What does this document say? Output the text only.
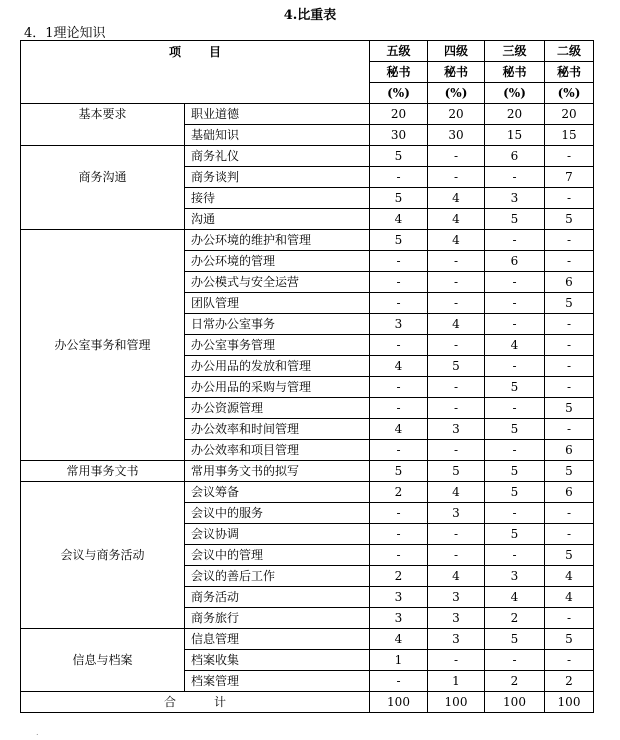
4.比重表
4．1理论知识
项 目		五级	四级	三级	二级
		秘书	秘书	秘书	秘书
		(%)	(%)	(%)	(%)
基本要求	职业道德	20	20	20	20
	基础知识	30	30	15	15
商务沟通	商务礼仪	5	-	6	-
	商务谈判	-	-	-	7
	接待	5	4	3	-
	沟通	4	4	5	5
办公室事务和管理	办公环境的维护和管理	5	4	-	-
	办公环境的管理	-	-	6	-
	办公模式与安全运营	-	-	-	6
	团队管理	-	-	-	5
	日常办公室事务	3	4	-	-
	办公室事务管理	-	-	4	-
	办公用品的发放和管理	4	5	-	-
	办公用品的采购与管理	-	-	5	-
	办公资源管理	-	-	-	5
	办公效率和时间管理	4	3	5	-
	办公效率和项目管理	-	-	-	6
常用事务文书	常用事务文书的拟写	5	5	5	5
会议与商务活动	会议筹备	2	4	5	6
	会议中的服务	-	3	-	-
	会议协调	-	-	5	-
	会议中的管理	-	-	-	5
	会议的善后工作	2	4	3	4
	商务活动	3	3	4	4
	商务旅行	3	3	2	-
信息与档案	信息管理	4	3	5	5
	档案收集	1	-	-	-
	档案管理	-	1	2	2
合 计		100	100	100	100
.
